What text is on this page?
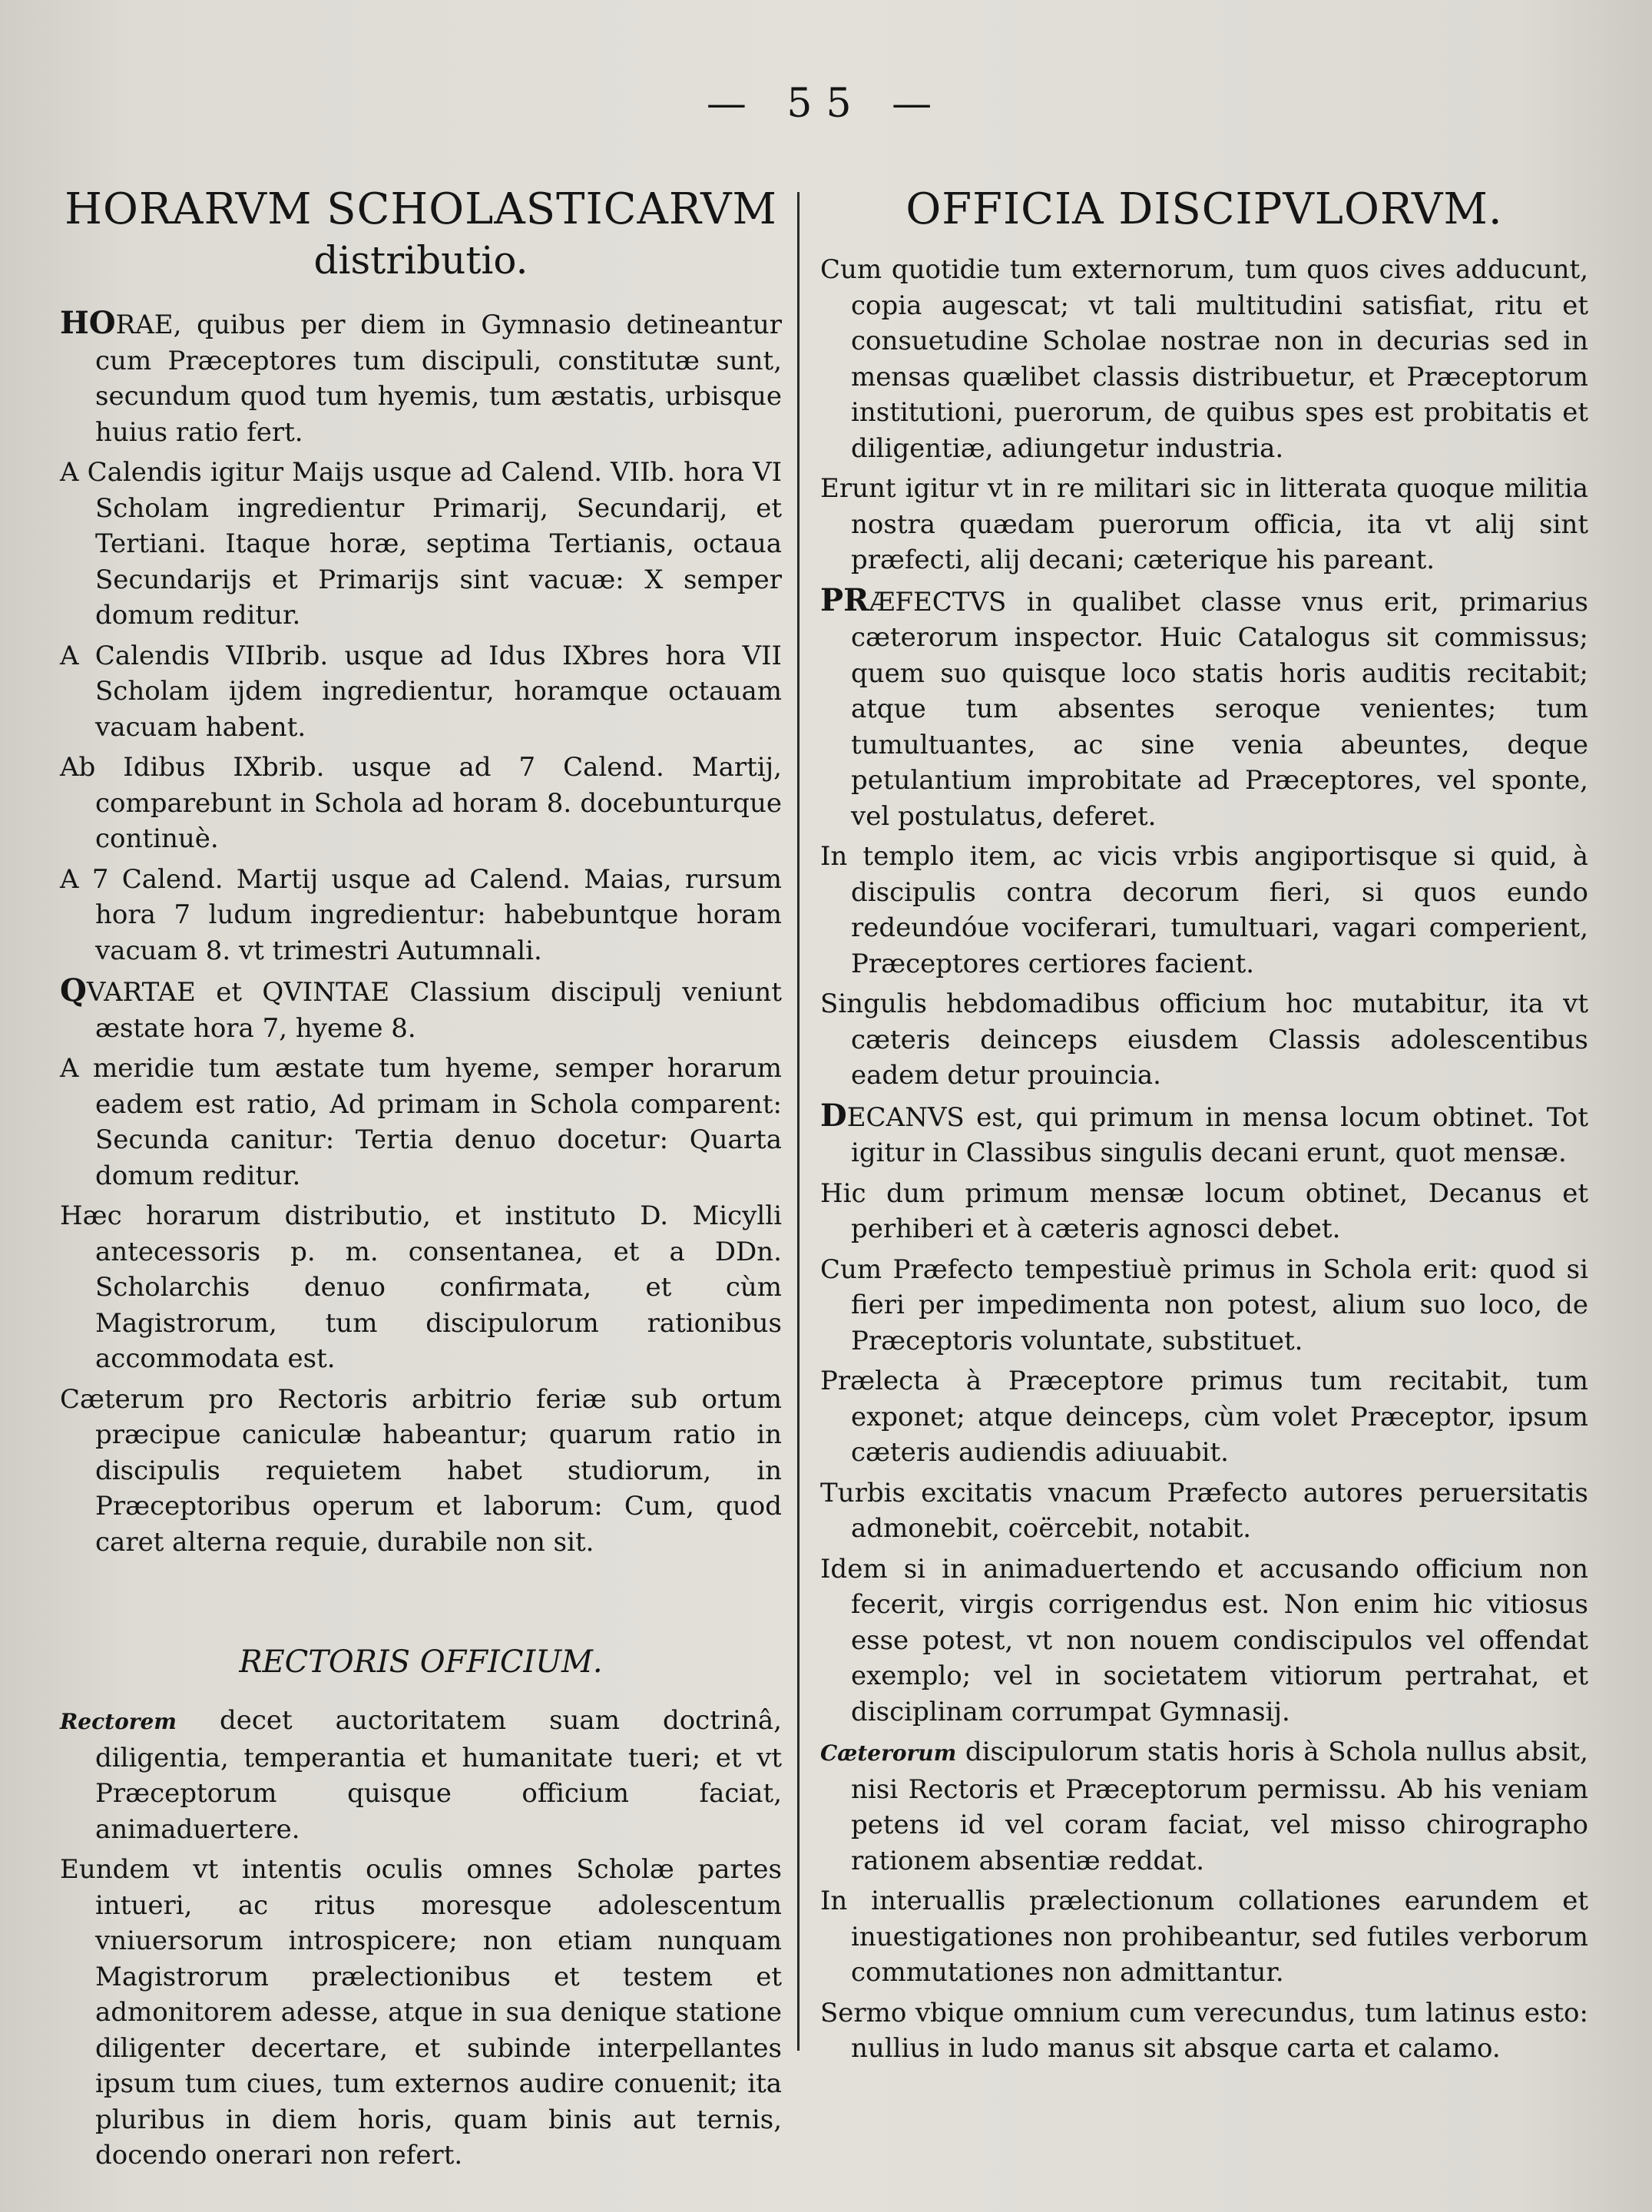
— 55 —
HORARVM SCHOLASTICARVM
distributio.

HORAE, quibus per diem in Gymnasio detineantur cum Præceptores tum discipuli, constitutæ sunt, secundum quod tum hyemis, tum æstatis, urbisque huius ratio fert.

A Calendis igitur Maijs usque ad Calend. VIIb. hora VI Scholam ingredientur Primarij, Secundarij, et Tertiani. Itaque horæ, septima Tertianis, octaua Secundarijs et Primarijs sint vacuæ: X semper domum reditur.

A Calendis VIIbrib. usque ad Idus IXbres hora VII Scholam ijdem ingredientur, horamque octauam vacuam habent.

Ab Idibus IXbrib. usque ad 7 Calend. Martij, comparebunt in Schola ad horam 8. docebunturque continuè.

A 7 Calend. Martij usque ad Calend. Maias, rursum hora 7 ludum ingredientur: habebuntque horam vacuam 8. vt trimestri Autumnali.

QVARTAE et QVINTAE Classium discipulj veniunt æstate hora 7, hyeme 8.

A meridie tum æstate tum hyeme, semper horarum eadem est ratio, Ad primam in Schola comparent: Secunda canitur: Tertia denuo docetur: Quarta domum reditur.

Hæc horarum distributio, et instituto D. Micylli antecessoris p. m. consentanea, et a DDn. Scholarchis denuo confirmata, et cùm Magistrorum, tum discipulorum rationibus accommodata est.

Cæterum pro Rectoris arbitrio feriæ sub ortum præcipue caniculæ habeantur; quarum ratio in discipulis requietem habet studiorum, in Præceptoribus operum et laborum: Cum, quod caret alterna requie, durabile non sit.

RECTORIS OFFICIUM.

Rectorem decet auctoritatem suam doctrinâ, diligentia, temperantia et humanitate tueri; et vt Præceptorum quisque officium faciat, animaduertere.

Eundem vt intentis oculis omnes Scholæ partes intueri, ac ritus moresque adolescentum vniuersorum introspicere; non etiam nunquam Magistrorum prælectionibus et testem et admonitorem adesse, atque in sua denique statione diligenter decertare, et subinde interpellantes ipsum tum ciues, tum externos audire conuenit; ita pluribus in diem horis, quam binis aut ternis, docendo onerari non refert.

OFFICIA DISCIPVLORVM.

Cum quotidie tum externorum, tum quos cives adducunt, copia augescat; vt tali multitudini satisfiat, ritu et consuetudine Scholae nostrae non in decurias sed in mensas quælibet classis distribuetur, et Præceptorum institutioni, puerorum, de quibus spes est probitatis et diligentiæ, adiungetur industria.

Erunt igitur vt in re militari sic in litterata quoque militia nostra quædam puerorum officia, ita vt alij sint præfecti, alij decani; cæterique his pareant.

PRÆFECTVS in qualibet classe vnus erit, primarius cæterorum inspector. Huic Catalogus sit commissus; quem suo quisque loco statis horis auditis recitabit; atque tum absentes seroque venientes; tum tumultuantes, ac sine venia abeuntes, deque petulantium improbitate ad Præceptores, vel sponte, vel postulatus, deferet.

In templo item, ac vicis vrbis angiportisque si quid, à discipulis contra decorum fieri, si quos eundo redeundóue vociferari, tumultuari, vagari comperient, Præceptores certiores facient.

Singulis hebdomadibus officium hoc mutabitur, ita vt cæteris deinceps eiusdem Classis adolescentibus eadem detur prouincia.

DECANVS est, qui primum in mensa locum obtinet. Tot igitur in Classibus singulis decani erunt, quot mensæ.

Hic dum primum mensæ locum obtinet, Decanus et perhiberi et à cæteris agnosci debet.

Cum Præfecto tempestiuè primus in Schola erit: quod si fieri per impedimenta non potest, alium suo loco, de Præceptoris voluntate, substituet.

Prælecta à Præceptore primus tum recitabit, tum exponet; atque deinceps, cùm volet Præceptor, ipsum cæteris audiendis adiuuabit.

Turbis excitatis vnacum Præfecto autores peruersitatis admonebit, coërcebit, notabit.

Idem si in animaduertendo et accusando officium non fecerit, virgis corrigendus est. Non enim hic vitiosus esse potest, vt non nouem condiscipulos vel offendat exemplo; vel in societatem vitiorum pertrahat, et disciplinam corrumpat Gymnasij.

Cæterorum discipulorum statis horis à Schola nullus absit, nisi Rectoris et Præceptorum permissu. Ab his veniam petens id vel coram faciat, vel misso chirographo rationem absentiæ reddat.

In interuallis prælectionum collationes earundem et inuestigationes non prohibeantur, sed futiles verborum commutationes non admittantur.

Sermo vbique omnium cum verecundus, tum latinus esto: nullius in ludo manus sit absque carta et calamo.
